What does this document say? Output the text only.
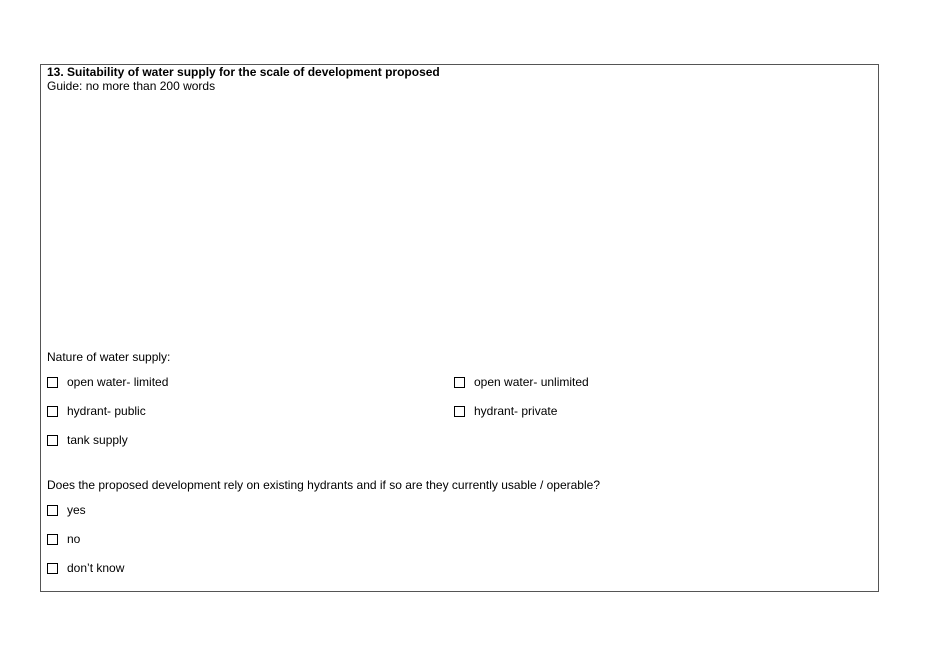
13. Suitability of water supply for the scale of development proposed
Guide: no more than 200 words
Nature of water supply:
open water- limited	open water- unlimited
hydrant- public	hydrant- private
tank supply
Does the proposed development rely on existing hydrants and if so are they currently usable / operable?
yes
no
don’t know
